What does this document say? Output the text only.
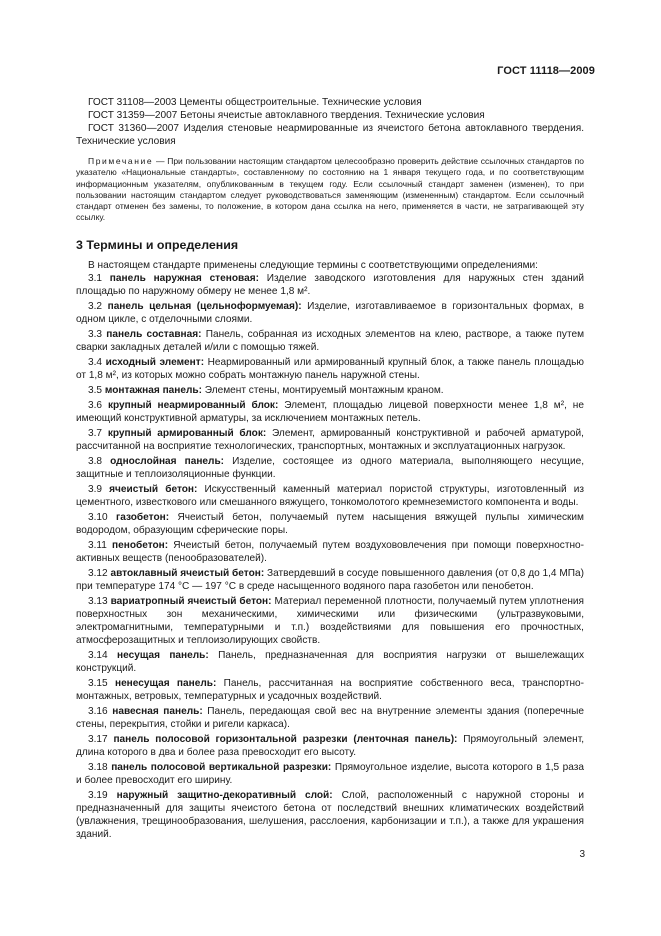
ГОСТ 11118—2009

ГОСТ 31108—2003 Цементы общестроительные. Технические условия

ГОСТ 31359—2007 Бетоны ячеистые автоклавного твердения. Технические условия

ГОСТ 31360—2007 Изделия стеновые неармированные из ячеистого бетона автоклавного твердения. Технические условия

Примечание — При пользовании настоящим стандартом целесообразно проверить действие ссылочных стандартов по указателю «Национальные стандарты», составленному по состоянию на 1 января текущего года, и по соответствующим информационным указателям, опубликованным в текущем году. Если ссылочный стандарт заменен (изменен), то при пользовании настоящим стандартом следует руководствоваться заменяющим (измененным) стандартом. Если ссылочный стандарт отменен без замены, то положение, в котором дана ссылка на него, применяется в части, не затрагивающей эту ссылку.

3 Термины и определения

В настоящем стандарте применены следующие термины с соответствующими определениями:

3.1 панель наружная стеновая: Изделие заводского изготовления для наружных стен зданий площадью по наружному обмеру не менее 1,8 м².

3.2 панель цельная (цельноформуемая): Изделие, изготавливаемое в горизонтальных формах, в одном цикле, с отделочными слоями.

3.3 панель составная: Панель, собранная из исходных элементов на клею, растворе, а также путем сварки закладных деталей и/или с помощью тяжей.

3.4 исходный элемент: Неармированный или армированный крупный блок, а также панель площадью от 1,8 м², из которых можно собрать монтажную панель наружной стены.

3.5 монтажная панель: Элемент стены, монтируемый монтажным краном.

3.6 крупный неармированный блок: Элемент, площадью лицевой поверхности менее 1,8 м², не имеющий конструктивной арматуры, за исключением монтажных петель.

3.7 крупный армированный блок: Элемент, армированный конструктивной и рабочей арматурой, рассчитанной на восприятие технологических, транспортных, монтажных и эксплуатационных нагрузок.

3.8 однослойная панель: Изделие, состоящее из одного материала, выполняющего несущие, защитные и теплоизоляционные функции.

3.9 ячеистый бетон: Искусственный каменный материал пористой структуры, изготовленный из цементного, известкового или смешанного вяжущего, тонкомолотого кремнеземистого компонента и воды.

3.10 газобетон: Ячеистый бетон, получаемый путем насыщения вяжущей пульпы химическим водородом, образующим сферические поры.

3.11 пенобетон: Ячеистый бетон, получаемый путем воздухововлечения при помощи поверхностно-активных веществ (пенообразователей).

3.12 автоклавный ячеистый бетон: Затвердевший в сосуде повышенного давления (от 0,8 до 1,4 МПа) при температуре 174 °С — 197 °С в среде насыщенного водяного пара газобетон или пенобетон.

3.13 вариатропный ячеистый бетон: Материал переменной плотности, получаемый путем уплотнения поверхностных зон механическими, химическими или физическими (ультразвуковыми, электромагнитными, температурными и т.п.) воздействиями для повышения его прочностных, атмосферозащитных и теплоизолирующих свойств.

3.14 несущая панель: Панель, предназначенная для восприятия нагрузки от вышележащих конструкций.

3.15 ненесущая панель: Панель, рассчитанная на восприятие собственного веса, транспортно-монтажных, ветровых, температурных и усадочных воздействий.

3.16 навесная панель: Панель, передающая свой вес на внутренние элементы здания (поперечные стены, перекрытия, стойки и ригели каркаса).

3.17 панель полосовой горизонтальной разрезки (ленточная панель): Прямоугольный элемент, длина которого в два и более раза превосходит его высоту.

3.18 панель полосовой вертикальной разрезки: Прямоугольное изделие, высота которого в 1,5 раза и более превосходит его ширину.

3.19 наружный защитно-декоративный слой: Слой, расположенный с наружной стороны и предназначенный для защиты ячеистого бетона от последствий внешних климатических воздействий (увлажнения, трещинообразования, шелушения, расслоения, карбонизации и т.п.), а также для украшения зданий.

3
